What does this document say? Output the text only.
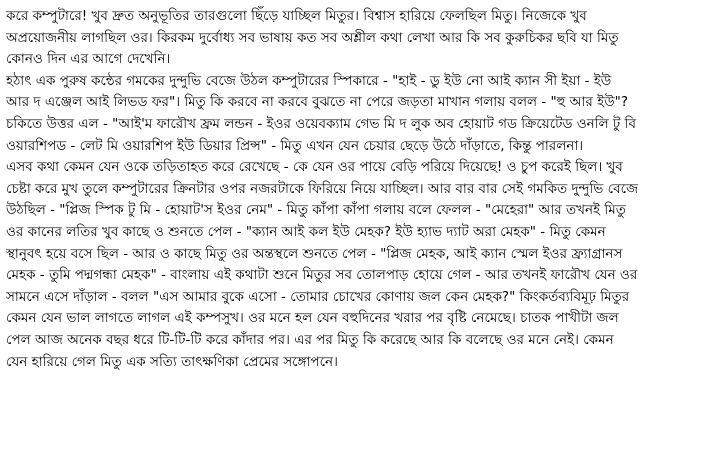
করে কম্পুটারে! খুব দ্রুত অনুভূতির তারগুলো ছিঁড়ে যাচ্ছিল মিতুর। বিশ্বাস হারিয়ে ফেলছিল মিতু। নিজেকে খুব
অপ্রয়োজনীয় লাগছিল ওর। কিরকম দুর্বোধ্য সব ভাষায় কত সব অশ্লীল কথা লেখা আর কি সব কুরুচিকর ছবি যা মিতু
কোনও দিন এর আগে দেখেনি।
হঠাৎ এক পুরুষ কন্ঠের গমকের দুন্দুভি বেজে উঠল কম্পুটারের স্পিকারে - "হাই - ডু ইউ নো আই ক্যান সী ইয়া - ইউ
আর দ এঞ্জেল আই লিভড ফর"। মিতু কি করবে না করবে বুঝতে না পেরে জড়তা মাখান গলায় বলল - "হু আর ইউ"?
চকিতে উত্তর এল - "আই'ম ফারৌখ ফ্রম লন্ডন - ইওর ওয়েবক্যাম গেভ মি দ লুক অব হোয়াট গড ক্রিয়েটেড ওনলি টু বি
ওয়ারশিপড - লেট মি ওয়ারশিপ ইউ ডিয়ার প্রিন্স" - মিতু এখন যেন চেয়ার ছেড়ে উঠে দাঁড়াতে, কিন্তু পারলনা।
এসব কথা কেমন যেন ওকে তড়িতাহত করে রেখেছে - কে যেন ওর পায়ে বেড়ি পরিয়ে দিয়েছে! ও চুপ করেই ছিল। খুব
চেষ্টা করে মুখ তুলে কম্পুটারের ক্রিনটার ওপর নজরটাকে ফিরিয়ে নিয়ে যাচ্ছিল। আর বার বার সেই গমকিত দুন্দুভি বেজে
উঠছিল - "প্লিজ স্পিক টু মি - হোয়াট'স ইওর নেম" - মিতু কাঁপা কাঁপা গলায় বলে ফেলল - "মেহেরা" আর তখনই মিতু
ওর কানের লতির খুব কাছে ও শুনতে পেল - "ক্যান আই কল ইউ মেহক? ইউ হ্যাভ দ্যাট অরা মেহক" - মিতু কেমন
স্থানুবৎ হয়ে বসে ছিল - আর ও কাছে মিতু ওর অন্তস্থলে শুনতে পেল - "প্লিজ মেহক, আই ক্যান স্মেল ইওর ফ্র্যাগ্রানস
মেহক - তুমি পদ্মগন্ধা মেহক" - বাংলায় এই কথাটা শুনে মিতুর সব তোলপাড় হোয়ে গেল - আর তখনই ফারৌখ যেন ওর
সামনে এসে দাঁড়াল - বলল "এস আমার বুকে এসো - তোমার চোখের কোণায় জল কেন মেহক?" কিংকর্তব্যবিমূঢ় মিতুর
কেমন যেন ভাল লাগতে লাগল এই কম্পসুখ। ওর মনে হল যেন বহুদিনের খরার পর বৃষ্টি নেমেছে। চাতক পাখীটা জল
পেল আজ অনেক বছর ধরে টি-টি-টি করে কাঁদার পর। এর পর মিতু কি করেছে আর কি বলেছে ওর মনে নেই। কেমন
যেন হারিয়ে গেল মিতু এক সত্যি তাৎক্ষণিকা প্রেমের সঙ্গোপনে।
